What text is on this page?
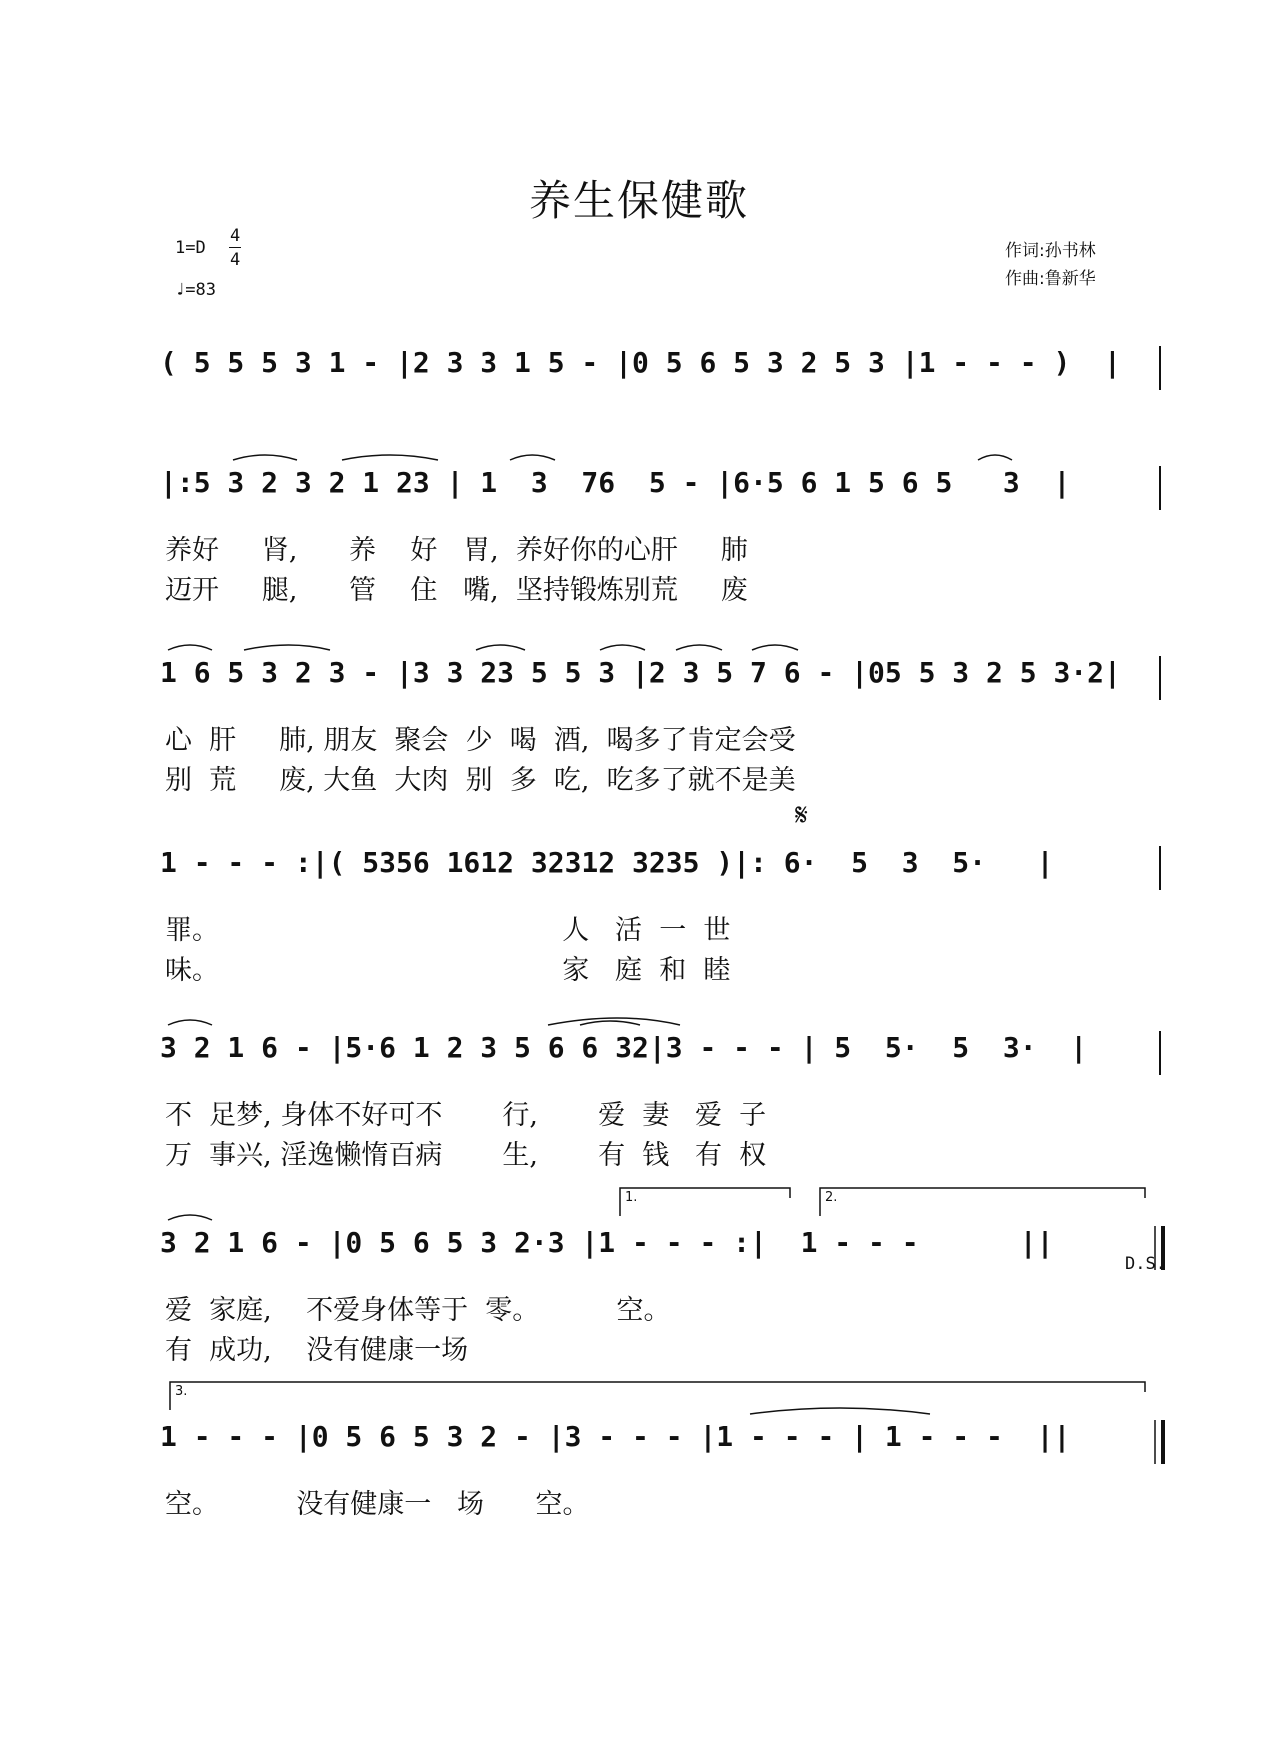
养生保健歌
1=D
4
4
♩=83
作词:孙书林
作曲:鲁新华
( 5 5 5 3 1 - |2 3 3 1 5 - |0 5 6 5 3 2 5 3 |1 - - - )  |
|:5 3 2 3 2 1 23 | 1  3  76  5 - |6·5 6 1 5 6 5   3  |
养好     肾,      养    好   胃,  养好你的心肝     肺
迈开     腿,      管    住   嘴,  坚持锻炼别荒     废
1 6 5 3 2 3 - |3 3 23 5 5 3 |2 3 5 7 6 - |05 5 3 2 5 3·2|
心  肝     肺, 朋友  聚会  少  喝  酒,  喝多了肯定会受
别  荒     废, 大鱼  大肉  别  多  吃,  吃多了就不是美
1 - - - :|( 5356 1612 32312 3235 )|: 6·  5  3  5·   |
𝄋
罪。                                        人   活  一  世
味。                                        家   庭  和  睦
3 2 1 6 - |5·6 1 2 3 5 6 6 32|3 - - - | 5  5·  5  3·  |
不  足梦, 身体不好可不       行,       爱  妻   爱  子
万  事兴, 淫逸懒惰百病       生,       有  钱   有  权
3 2 1 6 - |0 5 6 5 3 2·3 |1 - - - :|  1 - - -      ||
1.	2.
爱  家庭,    不爱身体等于  零。         空。
有  成功,    没有健康一场
D.S.
1 - - - |0 5 6 5 3 2 - |3 - - - |1 - - - | 1 - - -  ||
3.
空。         没有健康一   场      空。
